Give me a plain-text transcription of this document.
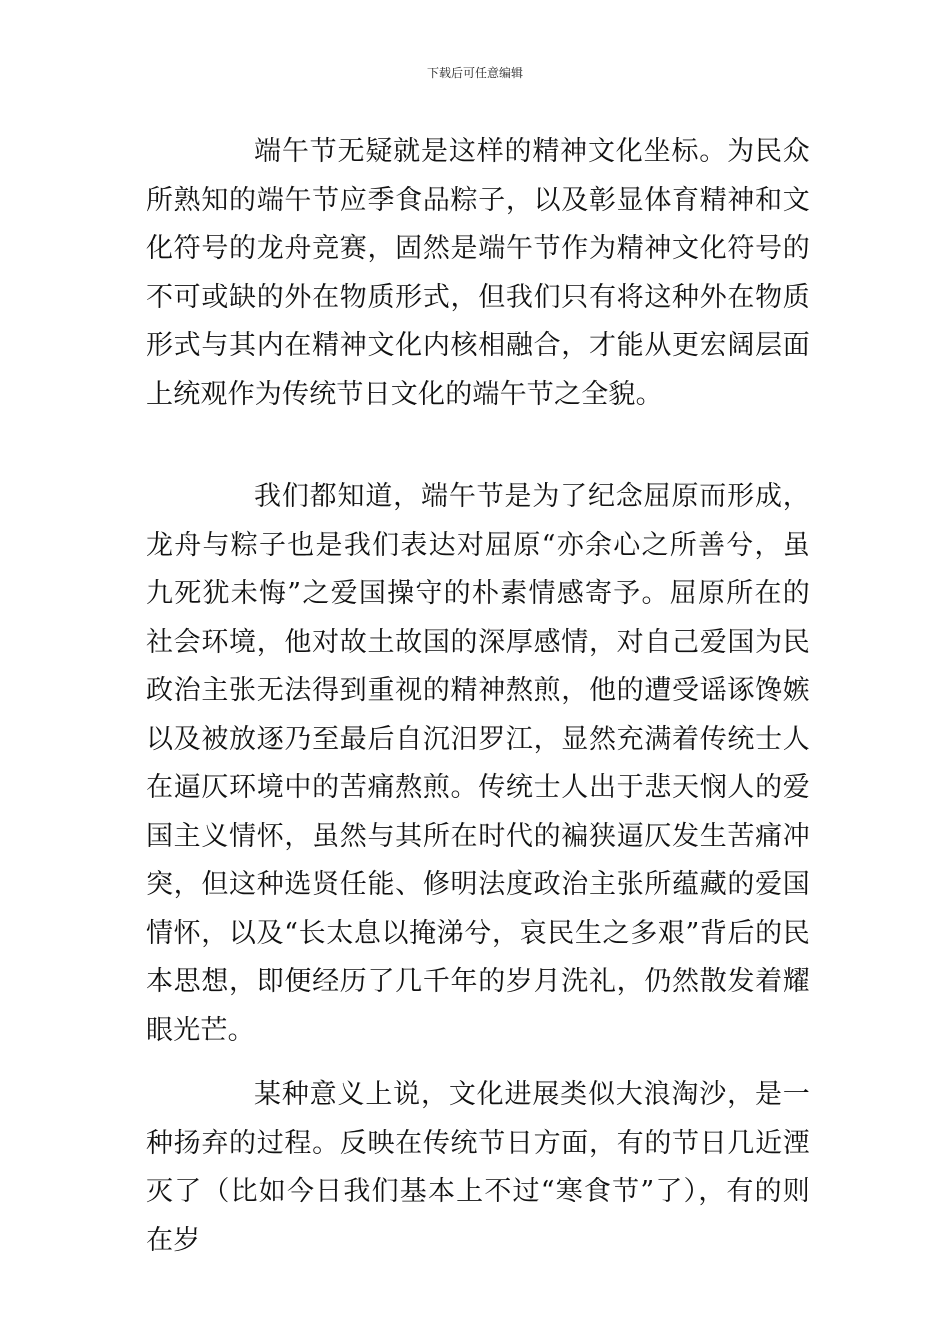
下载后可任意编辑

端午节无疑就是这样的精神文化坐标。为民众所熟知的端午节应季食品粽子，以及彰显体育精神和文化符号的龙舟竞赛，固然是端午节作为精神文化符号的不可或缺的外在物质形式，但我们只有将这种外在物质形式与其内在精神文化内核相融合，才能从更宏阔层面上统观作为传统节日文化的端午节之全貌。

我们都知道，端午节是为了纪念屈原而形成，龙舟与粽子也是我们表达对屈原“亦余心之所善兮，虽九死犹未悔”之爱国操守的朴素情感寄予。屈原所在的社会环境，他对故土故国的深厚感情，对自己爱国为民政治主张无法得到重视的精神熬煎，他的遭受谣诼馋嫉以及被放逐乃至最后自沉汨罗江，显然充满着传统士人在逼仄环境中的苦痛熬煎。传统士人出于悲天悯人的爱国主义情怀，虽然与其所在时代的褊狭逼仄发生苦痛冲突，但这种选贤任能、修明法度政治主张所蕴藏的爱国情怀，以及“长太息以掩涕兮，哀民生之多艰”背后的民本思想，即便经历了几千年的岁月洗礼，仍然散发着耀眼光芒。

某种意义上说，文化进展类似大浪淘沙，是一种扬弃的过程。反映在传统节日方面，有的节日几近湮灭了（比如今日我们基本上不过“寒食节”了），有的则在岁
